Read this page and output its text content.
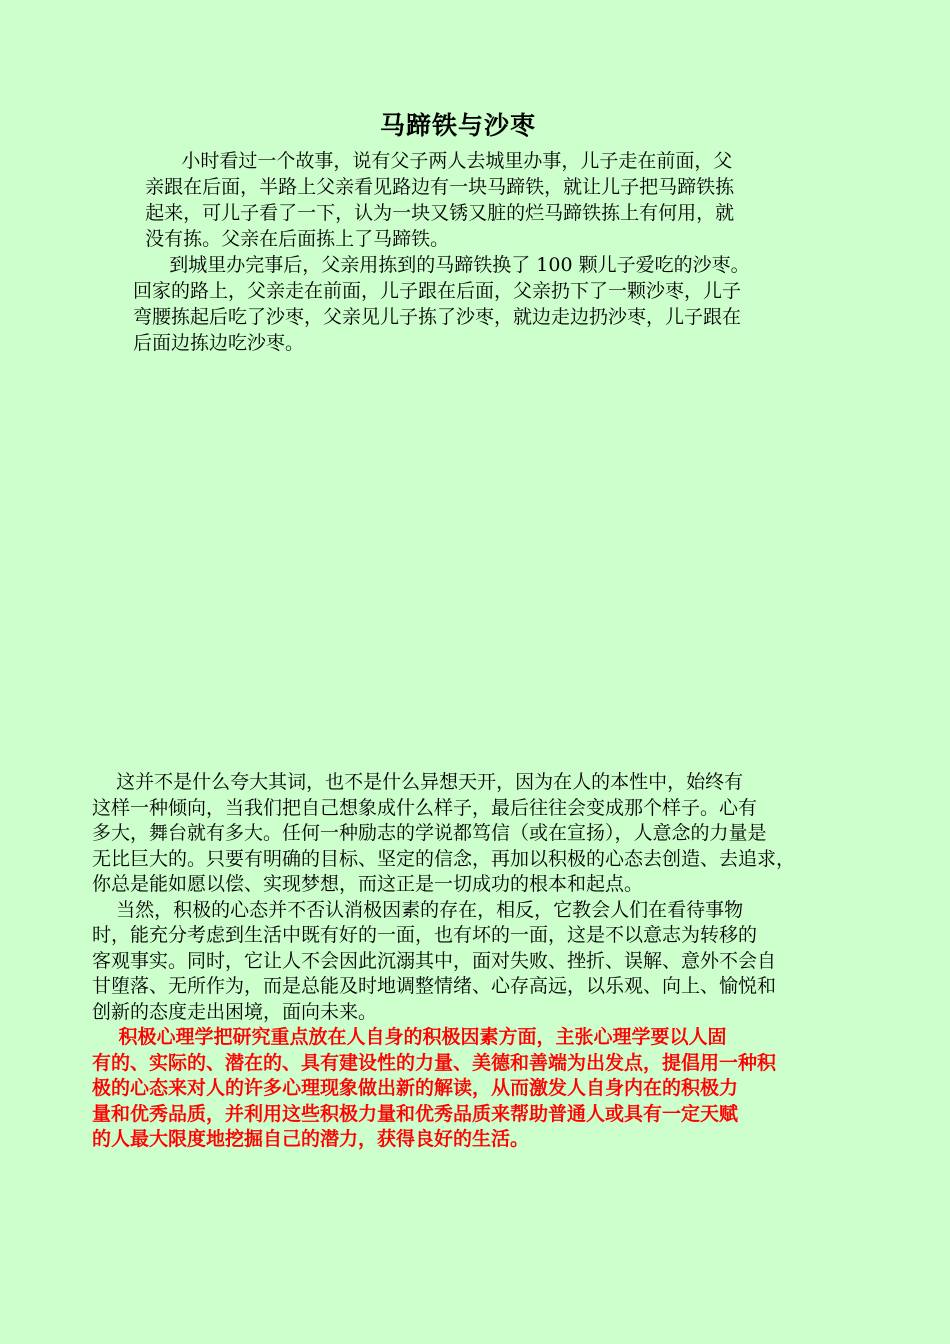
马蹄铁与沙枣

小时看过一个故事，说有父子两人去城里办事，儿子走在前面，父

亲跟在后面，半路上父亲看见路边有一块马蹄铁，就让儿子把马蹄铁拣

起来，可儿子看了一下，认为一块又锈又脏的烂马蹄铁拣上有何用，就

没有拣。父亲在后面拣上了马蹄铁。

到城里办完事后，父亲用拣到的马蹄铁换了 100 颗儿子爱吃的沙枣。

回家的路上，父亲走在前面，儿子跟在后面，父亲扔下了一颗沙枣，儿子

弯腰拣起后吃了沙枣，父亲见儿子拣了沙枣，就边走边扔沙枣，儿子跟在

后面边拣边吃沙枣。

这并不是什么夸大其词，也不是什么异想天开，因为在人的本性中，始终有

这样一种倾向，当我们把自己想象成什么样子，最后往往会变成那个样子。心有

多大，舞台就有多大。任何一种励志的学说都笃信（或在宣扬），人意念的力量是

无比巨大的。只要有明确的目标、坚定的信念，再加以积极的心态去创造、去追求，

你总是能如愿以偿、实现梦想，而这正是一切成功的根本和起点。

当然，积极的心态并不否认消极因素的存在，相反，它教会人们在看待事物

时，能充分考虑到生活中既有好的一面，也有坏的一面，这是不以意志为转移的

客观事实。同时，它让人不会因此沉溺其中，面对失败、挫折、误解、意外不会自

甘堕落、无所作为，而是总能及时地调整情绪、心存高远，以乐观、向上、愉悦和

创新的态度走出困境，面向未来。

积极心理学把研究重点放在人自身的积极因素方面，主张心理学要以人固

有的、实际的、潜在的、具有建设性的力量、美德和善端为出发点，提倡用一种积

极的心态来对人的许多心理现象做出新的解读，从而激发人自身内在的积极力

量和优秀品质，并利用这些积极力量和优秀品质来帮助普通人或具有一定天赋

的人最大限度地挖掘自己的潜力，获得良好的生活。
